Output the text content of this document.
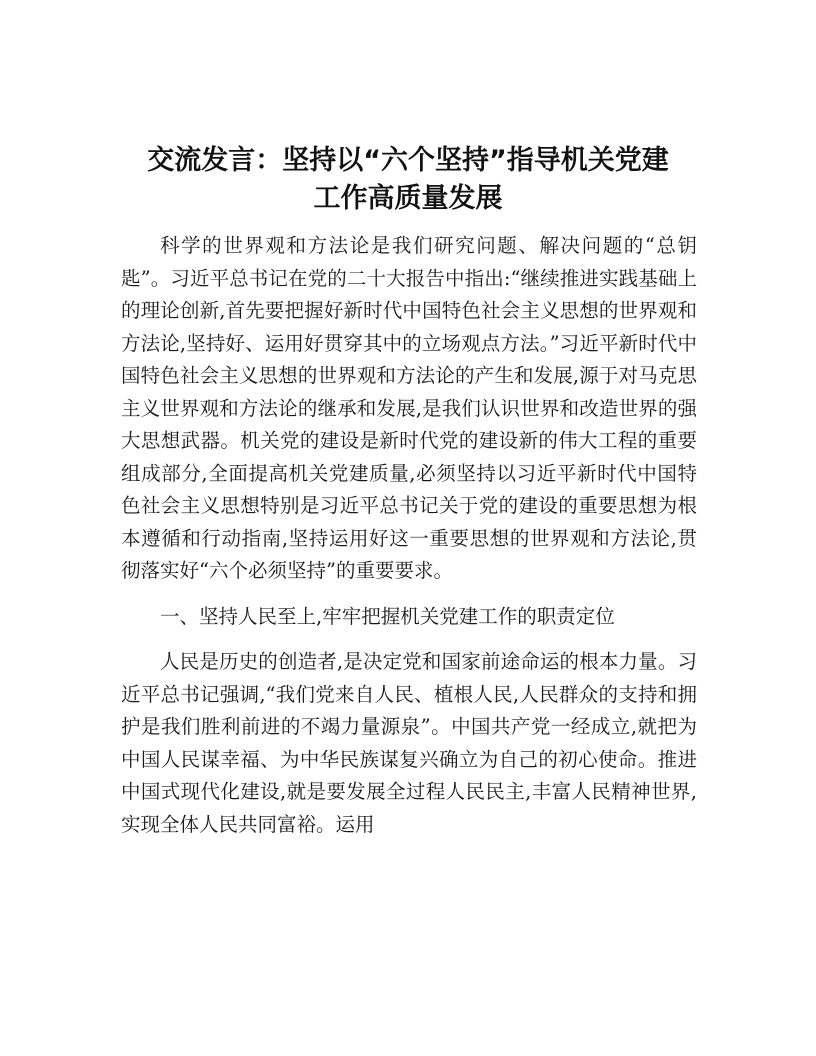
交流发言：坚持以“六个坚持”指导机关党建
工作高质量发展

科学的世界观和方法论是我们研究问题、解决问题的“总钥匙”。习近平总书记在党的二十大报告中指出:“继续推进实践基础上的理论创新,首先要把握好新时代中国特色社会主义思想的世界观和方法论,坚持好、运用好贯穿其中的立场观点方法。”习近平新时代中国特色社会主义思想的世界观和方法论的产生和发展,源于对马克思主义世界观和方法论的继承和发展,是我们认识世界和改造世界的强大思想武器。机关党的建设是新时代党的建设新的伟大工程的重要组成部分,全面提高机关党建质量,必须坚持以习近平新时代中国特色社会主义思想特别是习近平总书记关于党的建设的重要思想为根本遵循和行动指南,坚持运用好这一重要思想的世界观和方法论,贯彻落实好“六个必须坚持”的重要要求。

一、坚持人民至上,牢牢把握机关党建工作的职责定位

人民是历史的创造者,是决定党和国家前途命运的根本力量。习近平总书记强调,“我们党来自人民、植根人民,人民群众的支持和拥护是我们胜利前进的不竭力量源泉”。中国共产党一经成立,就把为中国人民谋幸福、为中华民族谋复兴确立为自己的初心使命。推进中国式现代化建设,就是要发展全过程人民民主,丰富人民精神世界,实现全体人民共同富裕。运用
